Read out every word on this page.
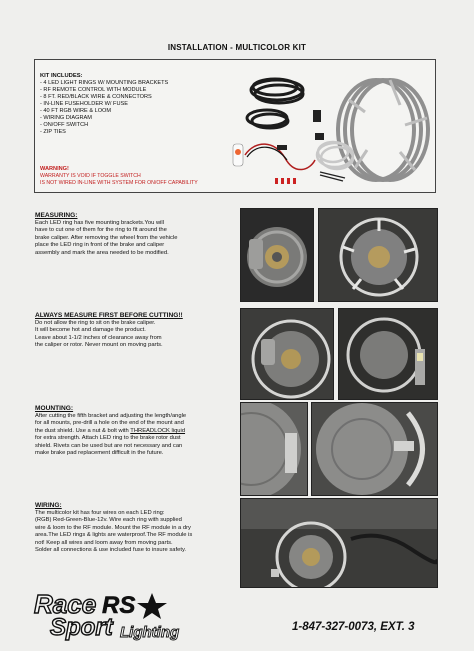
INSTALLATION - MULTICOLOR KIT
KIT INCLUDES:
- 4 LED LIGHT RINGS W/ MOUNTING BRACKETS
- RF REMOTE CONTROL WITH MODULE
- 8 FT. RED/BLACK WIRE & CONNECTORS
- IN-LINE FUSEHOLDER W/ FUSE
- 40 FT RGB WIRE & LOOM
- WIRING DIAGRAM
- ON/OFF SWITCH
- ZIP TIES
WARNING!
WARRANTY IS VOID IF TOGGLE SWITCH
IS NOT WIRED IN-LINE WITH SYSTEM FOR ON/OFF CAPABILITY
MEASURING:
Each LED ring has five mounting brackets.You will
have to cut one of them for the ring to fit around the
brake caliper. After removing the wheel from the vehicle
place the LED ring in front of the brake and caliper
assembly and mark the area needed to be modified.
ALWAYS MEASURE FIRST BEFORE CUTTING!!
Do not allow the ring to sit on the brake caliper.
It will become hot and damage the product.
Leave about 1-1/2 inches of clearance away from
the caliper or rotor. Never mount on moving parts.
MOUNTING:
After cutting the fifth bracket and adjusting the length/angle
for all mounts, pre-drill a hole on the end of the mount and
the dust shield. Use a nut & bolt with THREADLOCK liquid
for extra strength. Attach LED ring to the brake rotor dust
shield. Rivets can be used but are not necessary and can
make brake pad replacement difficult in the future.
WIRING:
The multicolor kit has four wires on each LED ring:
(RGB) Red-Green-Blue-12v. Wire each ring with supplied
wire & loom to the RF module. Mount the RF module in a dry
area.The LED rings & lights are waterproof.The RF module is
not! Keep all wires and loom away from moving parts.
Solder all connections & use included fuse to insure safety.
Race RS
Sport Lighting	1-847-327-0073, EXT. 3
